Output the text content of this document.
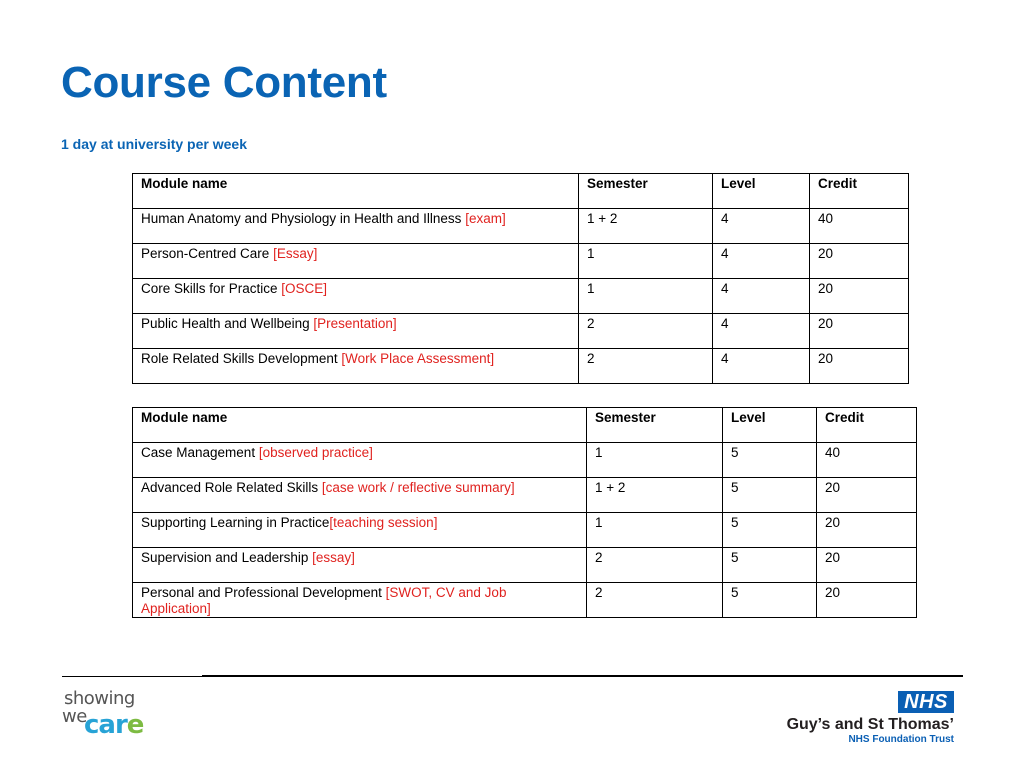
Course Content

1 day at university per week

Module name	Semester	Level	Credit
Human Anatomy and Physiology in Health and Illness [exam]	1 + 2	4	40
Person-Centred Care [Essay]	1	4	20
Core Skills for Practice [OSCE]	1	4	20
Public Health and Wellbeing [Presentation]	2	4	20
Role Related Skills Development [Work Place Assessment]	2	4	20
Module name	Semester	Level	Credit
Case Management [observed practice]	1	5	40
Advanced Role Related Skills [case work / reflective summary]	1 + 2	5	20
Supporting Learning in Practice[teaching session]	1	5	20
Supervision and Leadership [essay]	2	5	20
Personal and Professional Development [SWOT, CV and Job Application]	2	5	20
showing
we
care
NHS
Guy’s and St Thomas’
NHS Foundation Trust
